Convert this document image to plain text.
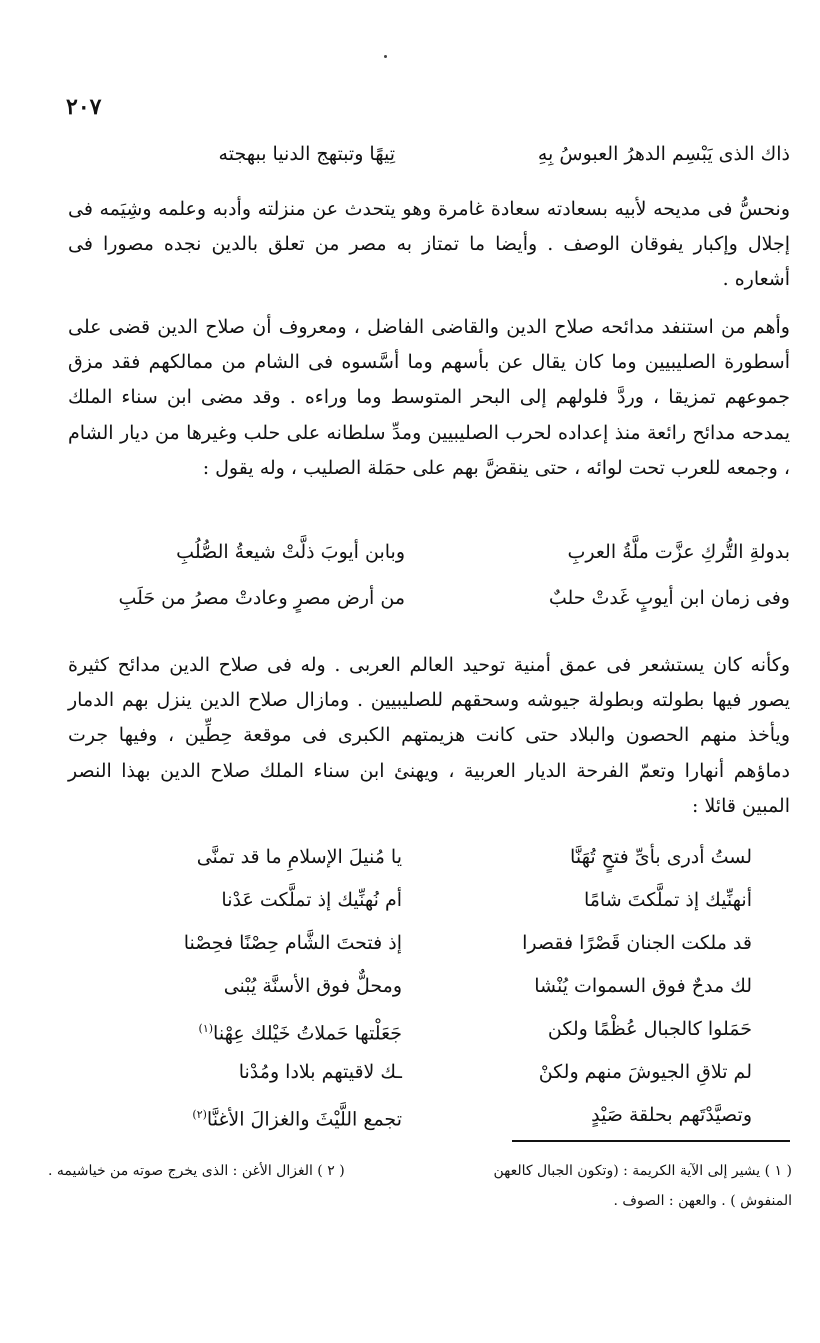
٢٠٧
ذاك الذى يَبْسِم الدهرُ العبوسُ بِهِ
تِيهًا وتبتهج الدنيا ببهجته
ونحسُّ فى مديحه لأبيه بسعادته سعادة غامرة وهو يتحدث عن منزلته وأدبه وعلمه وشِيَمه فى إجلال وإكبار يفوقان الوصف . وأيضا ما تمتاز به مصر من تعلق بالدين نجده مصورا فى أشعاره .
وأهم من استنفد مدائحه صلاح الدين والقاضى الفاضل ، ومعروف أن صلاح الدين قضى على أسطورة الصليبيين وما كان يقال عن بأسهم وما أسَّسوه فى الشام من ممالكهم فقد مزق جموعهم تمزيقا ، وردَّ فلولهم إلى البحر المتوسط وما وراءه . وقد مضى ابن سناء الملك يمدحه مدائح رائعة منذ إعداده لحرب الصليبيين ومدِّ سلطانه على حلب وغيرها من ديار الشام ، وجمعه للعرب تحت لوائه ، حتى ينقضَّ بهم على حمَلة الصليب ، وله يقول :
بدولةِ التُّركِ عزَّت ملَّةُ العربِ
وبابن أيوبَ ذلَّتْ شيعةُ الصُّلُبِ
وفى زمان ابن أيوبٍ غَدتْ حلبٌ
من أرض مصرٍ وعادتْ مصرُ من حَلَبِ
وكأنه كان يستشعر فى عمق أمنية توحيد العالم العربى . وله فى صلاح الدين مدائح كثيرة يصور فيها بطولته وبطولة جيوشه وسحقهم للصليبيين . ومازال صلاح الدين ينزل بهم الدمار ويأخذ منهم الحصون والبلاد حتى كانت هزيمتهم الكبرى فى موقعة حِطِّين ، وفيها جرت دماؤهم أنهارا وتعمّ الفرحة الديار العربية ، ويهنئ ابن سناء الملك صلاح الدين بهذا النصر المبين قائلا :
لستُ أدرى بأىِّ فتحٍ تُهَنَّا
يا مُنيلَ الإسلامِ ما قد تمنَّى
أنهنِّيك إذ تملَّكتَ شامًا
أم نُهنِّيك إذ تملَّكت عَدْنا
قد ملكت الجنان قَصْرًا فقصرا
إذ فتحتَ الشَّام حِصْنًا فحِصْنا
لك مدحٌ فوق السموات يُنْشا
ومحلٌّ فوق الأسنَّة يُبْنى
حَمَلوا كالجبال عُظْمًا ولكن
جَعَلْتها حَملاتُ خَيْلك عِهْنا$^{(١)}$
لم تلاقِ الجيوشَ منهم ولكنْ
ـك لاقيتهم بلادا ومُدْنا
وتصيَّدْتَهم بحلقة صَيْدٍ
تجمع اللَّيْثَ والغزالَ الأغنَّا$^{(٢)}$
( ١ ) يشير إلى الآية الكريمة : (وتكون الجبال كالعهن
( ٢ ) الغزال الأغن : الذى يخرج صوته من خياشيمه .
المنفوش ) . والعهن : الصوف .
